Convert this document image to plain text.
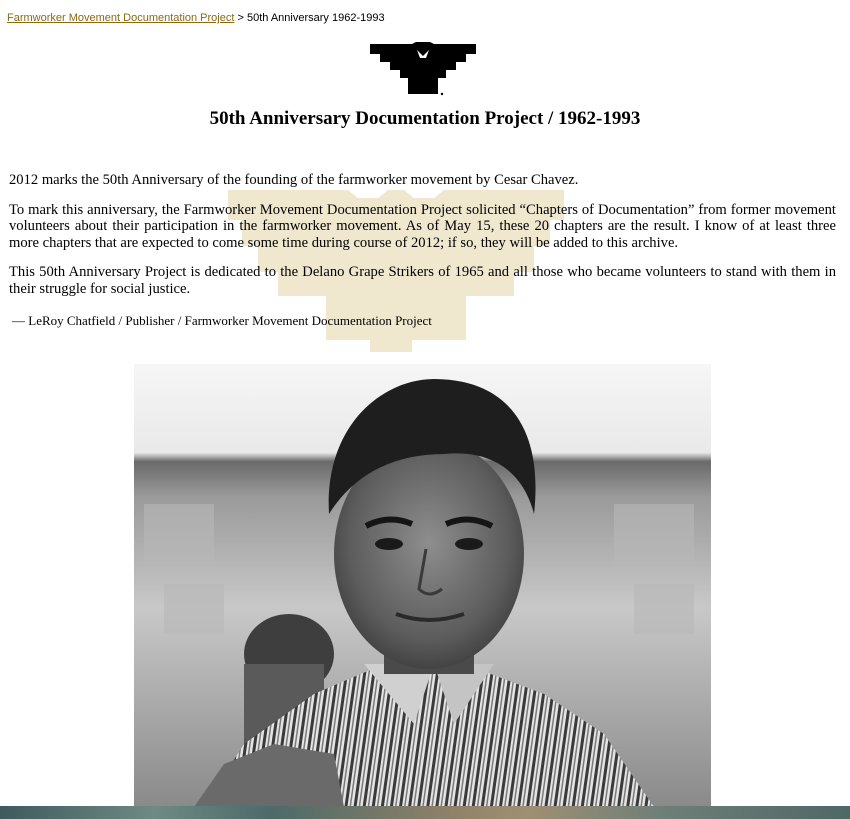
Farmworker Movement Documentation Project > 50th Anniversary 1962-1993
50th Anniversary Documentation Project / 1962-1993

2012 marks the 50th Anniversary of the founding of the farmworker movement by Cesar Chavez.

To mark this anniversary, the Farmworker Movement Documentation Project solicited “Chapters of Documentation” from former movement volunteers about their participation in the farmworker movement. As of May 15, these 20 chapters are the result. I know of at least three more chapters that are expected to come some time during course of 2012; if so, they will be added to this archive.

This 50th Anniversary Project is dedicated to the Delano Grape Strikers of 1965 and all those who became volunteers to stand with them in their struggle for social justice.

— LeRoy Chatfield / Publisher / Farmworker Movement Documentation Project
